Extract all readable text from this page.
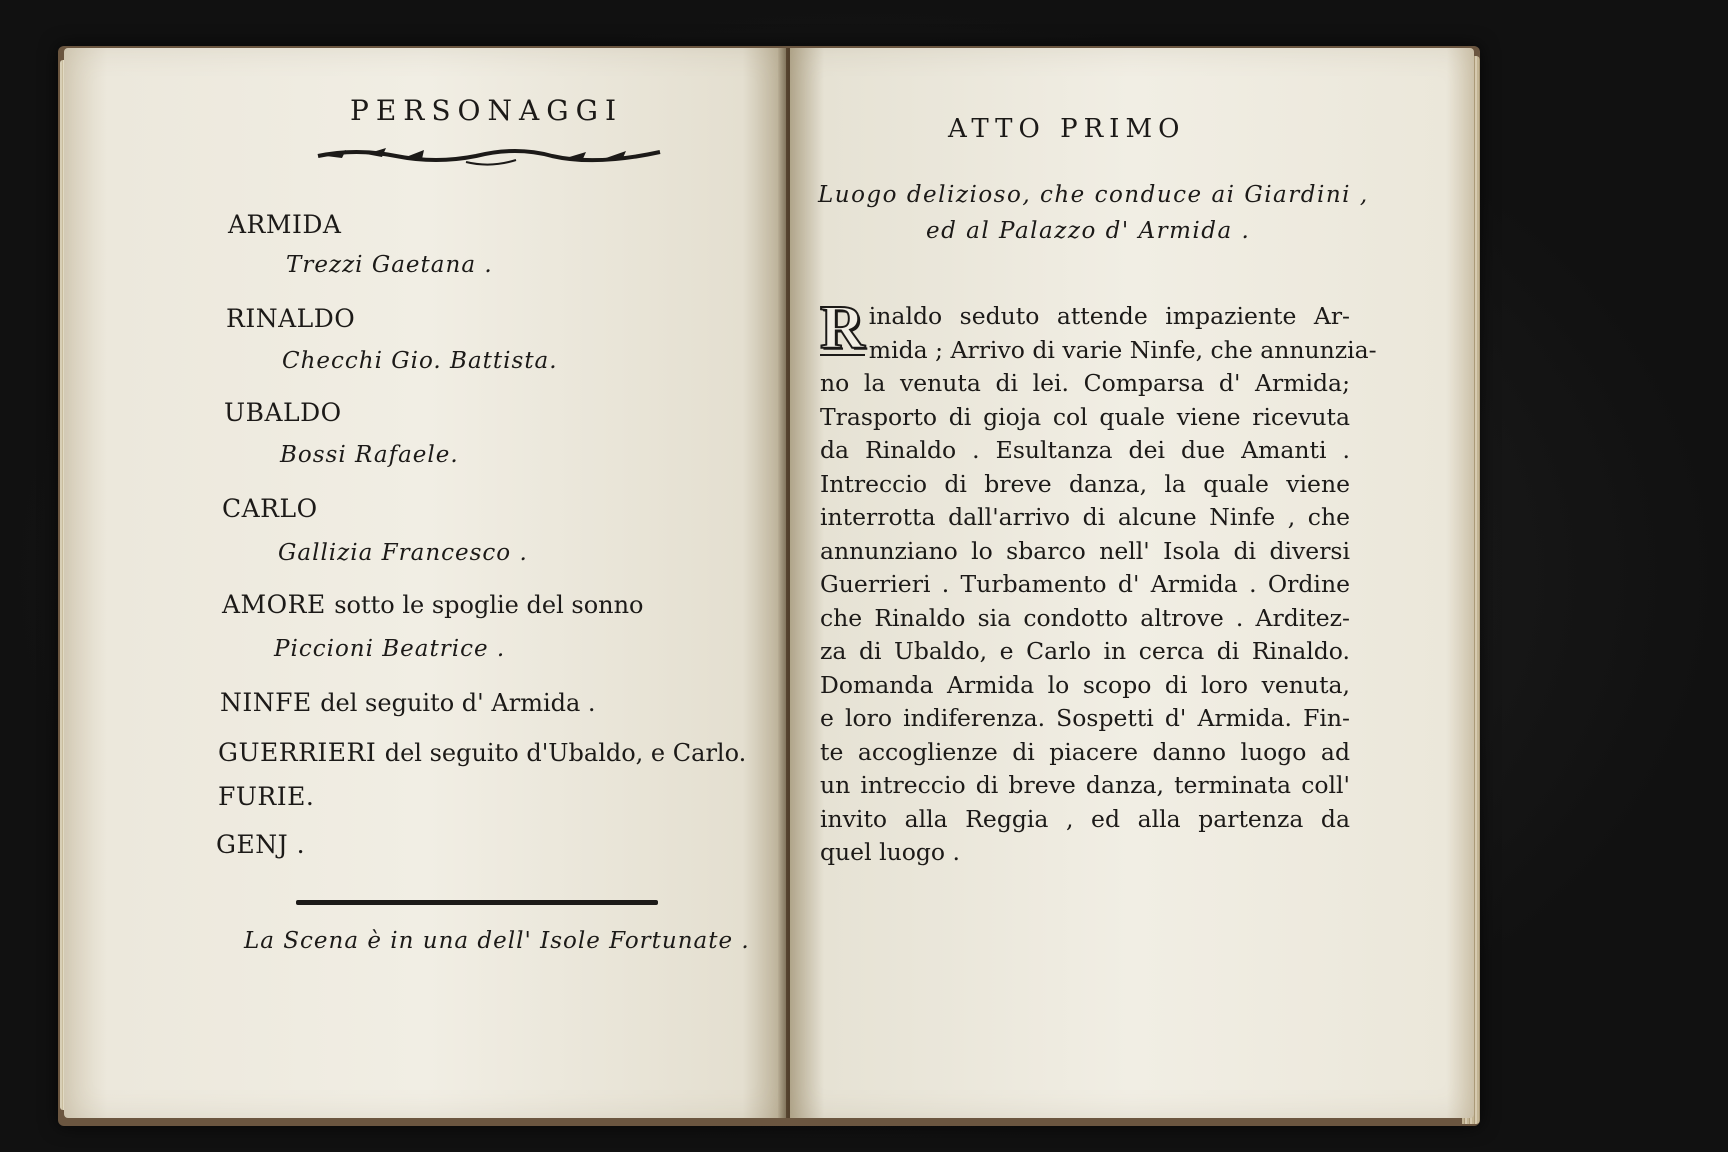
PERSONAGGI
ARMIDA
Trezzi Gaetana .
RINALDO
Checchi Gio. Battista.
UBALDO
Bossi Rafaele.
CARLO
Gallizia Francesco .
AMORE sotto le spoglie del sonno
Piccioni Beatrice .
NINFE del seguito d' Armida .
GUERRIERI del seguito d'Ubaldo, e Carlo.
FURIE.
GENJ .
La Scena è in una dell' Isole Fortunate .
ATTO PRIMO
Luogo delizioso, che conduce ai Giardini ,
ed al Palazzo d' Armida .
R inaldo seduto attende impaziente Ar-
mida ; Arrivo di varie Ninfe, che annunzia-
no la venuta di lei. Comparsa d' Armida;
Trasporto di gioja col quale viene ricevuta
da Rinaldo . Esultanza dei due Amanti .
Intreccio di breve danza, la quale viene
interrotta dall'arrivo di alcune Ninfe , che
annunziano lo sbarco nell' Isola di diversi
Guerrieri . Turbamento d' Armida . Ordine
che Rinaldo sia condotto altrove . Arditez-
za di Ubaldo, e Carlo in cerca di Rinaldo.
Domanda Armida lo scopo di loro venuta,
e loro indiferenza. Sospetti d' Armida. Fin-
te accoglienze di piacere danno luogo ad
un intreccio di breve danza, terminata coll'
invito alla Reggia , ed alla partenza da
quel luogo .
